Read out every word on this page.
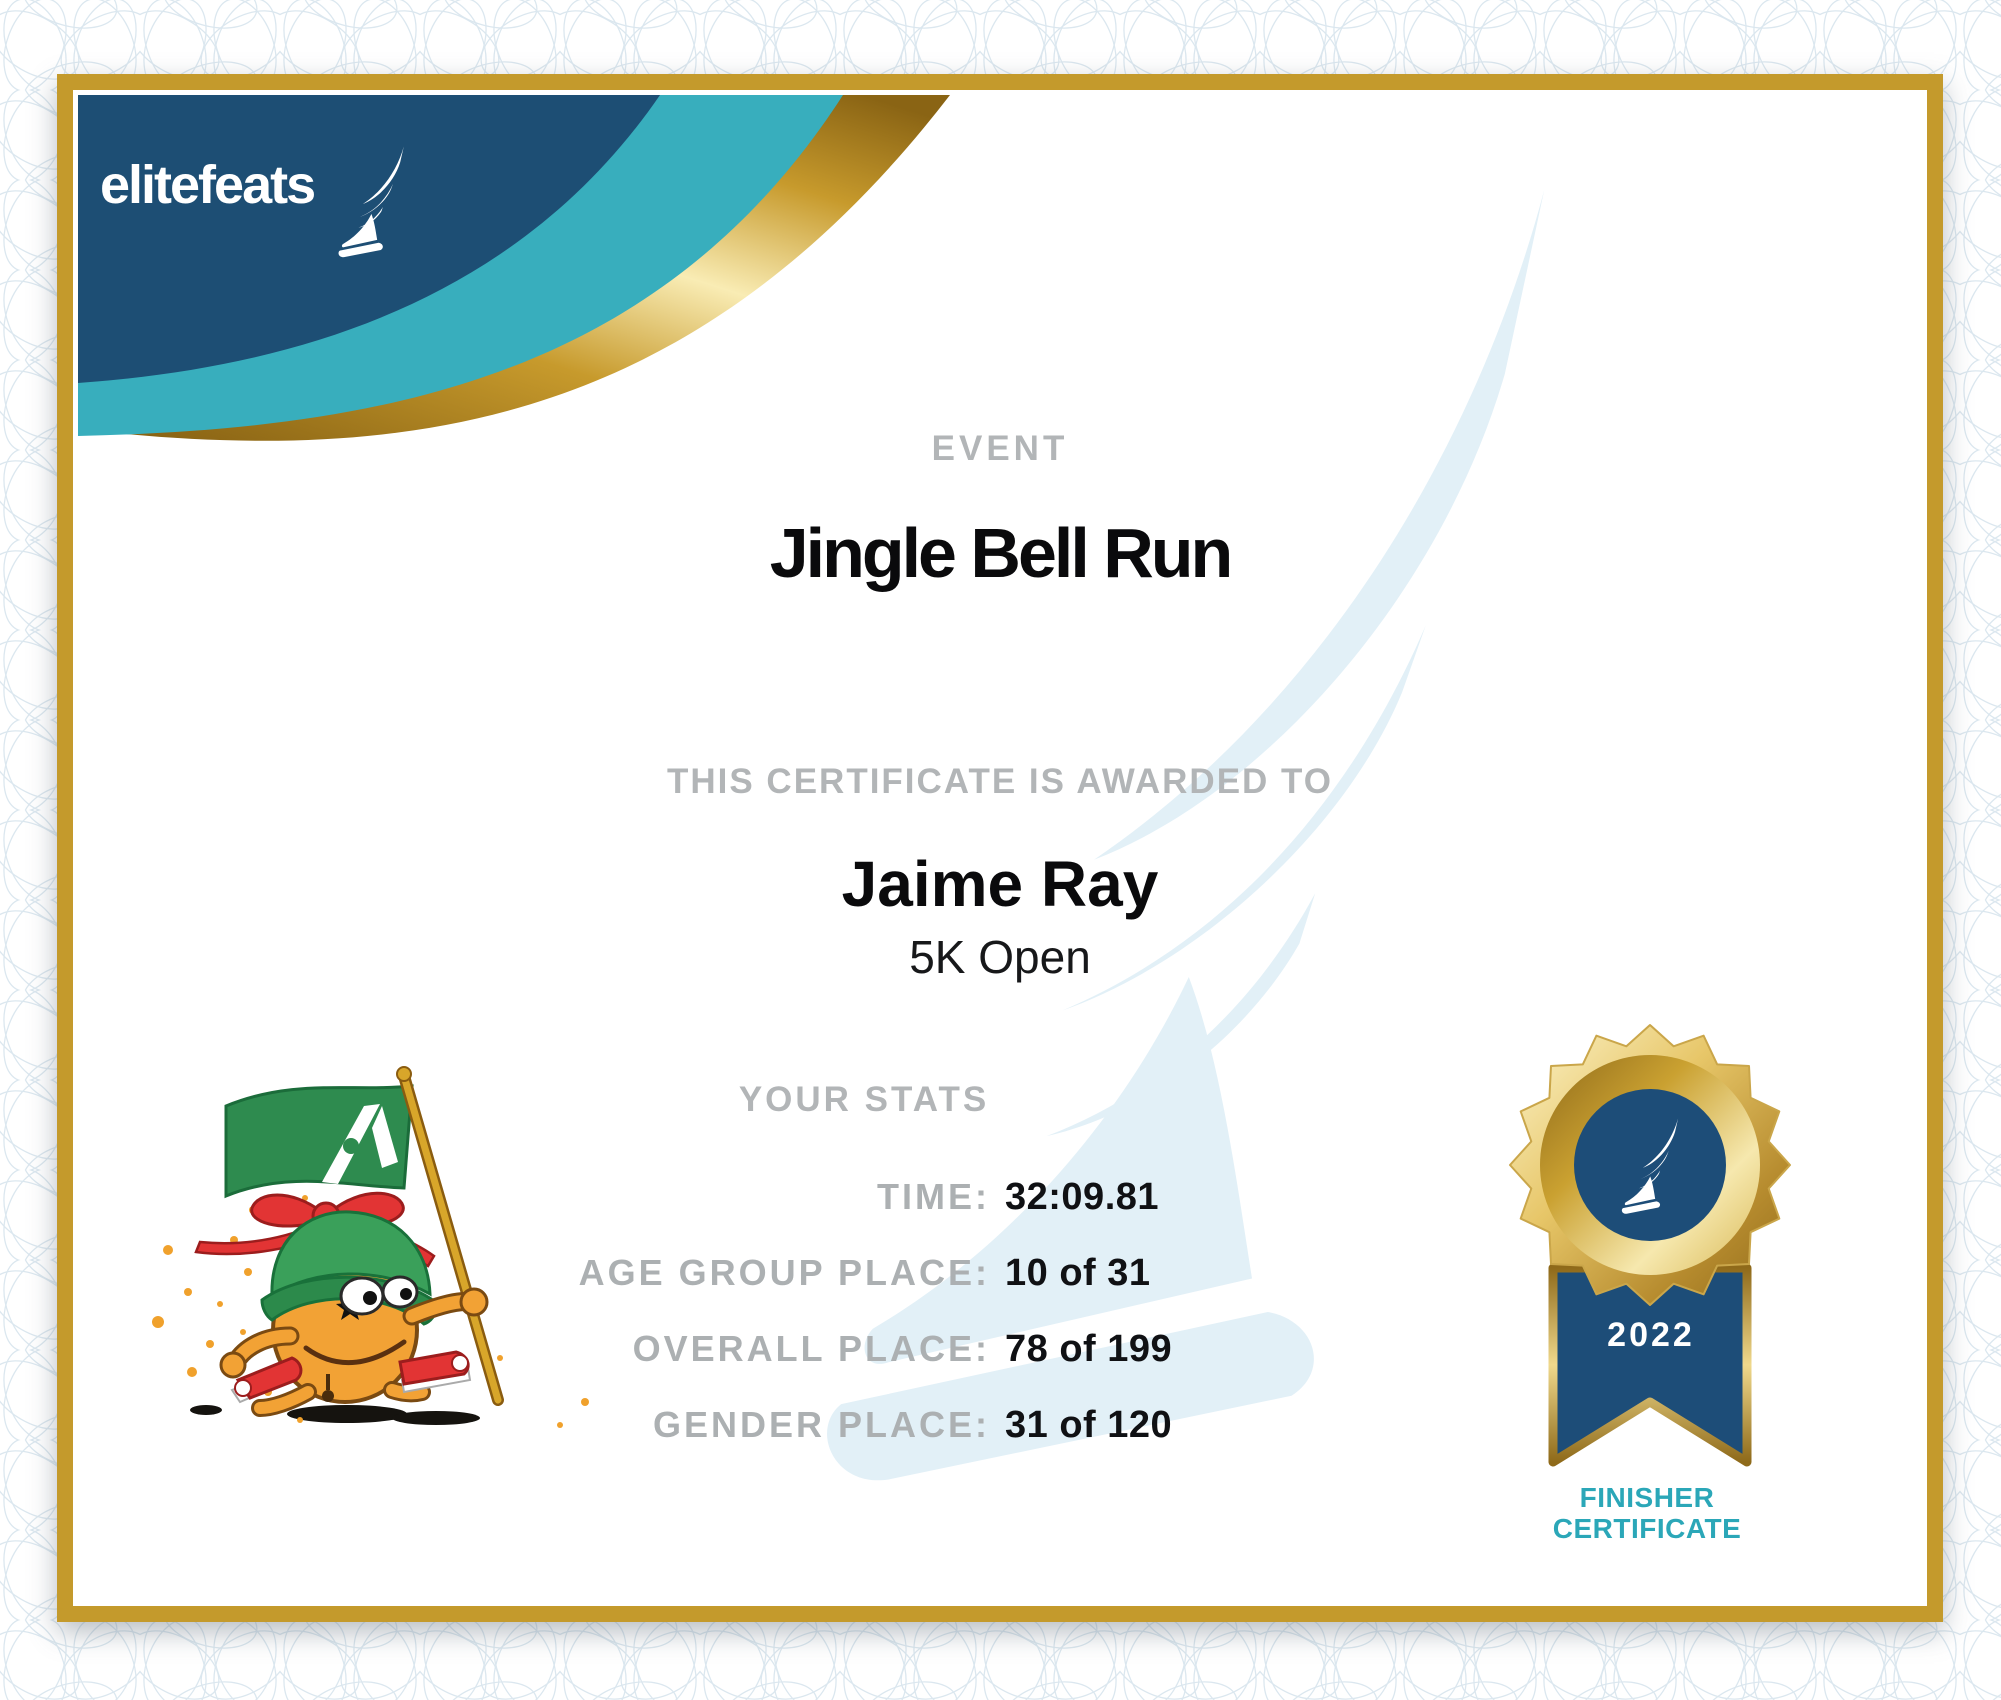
elitefeats
2022
FINISHER
CERTIFICATE
EVENT
Jingle Bell Run
THIS CERTIFICATE IS AWARDED TO
Jaime Ray
5K Open
YOUR STATS
TIME: 32:09.81
AGE GROUP PLACE: 10 of 31
OVERALL PLACE: 78 of 199
GENDER PLACE: 31 of 120
